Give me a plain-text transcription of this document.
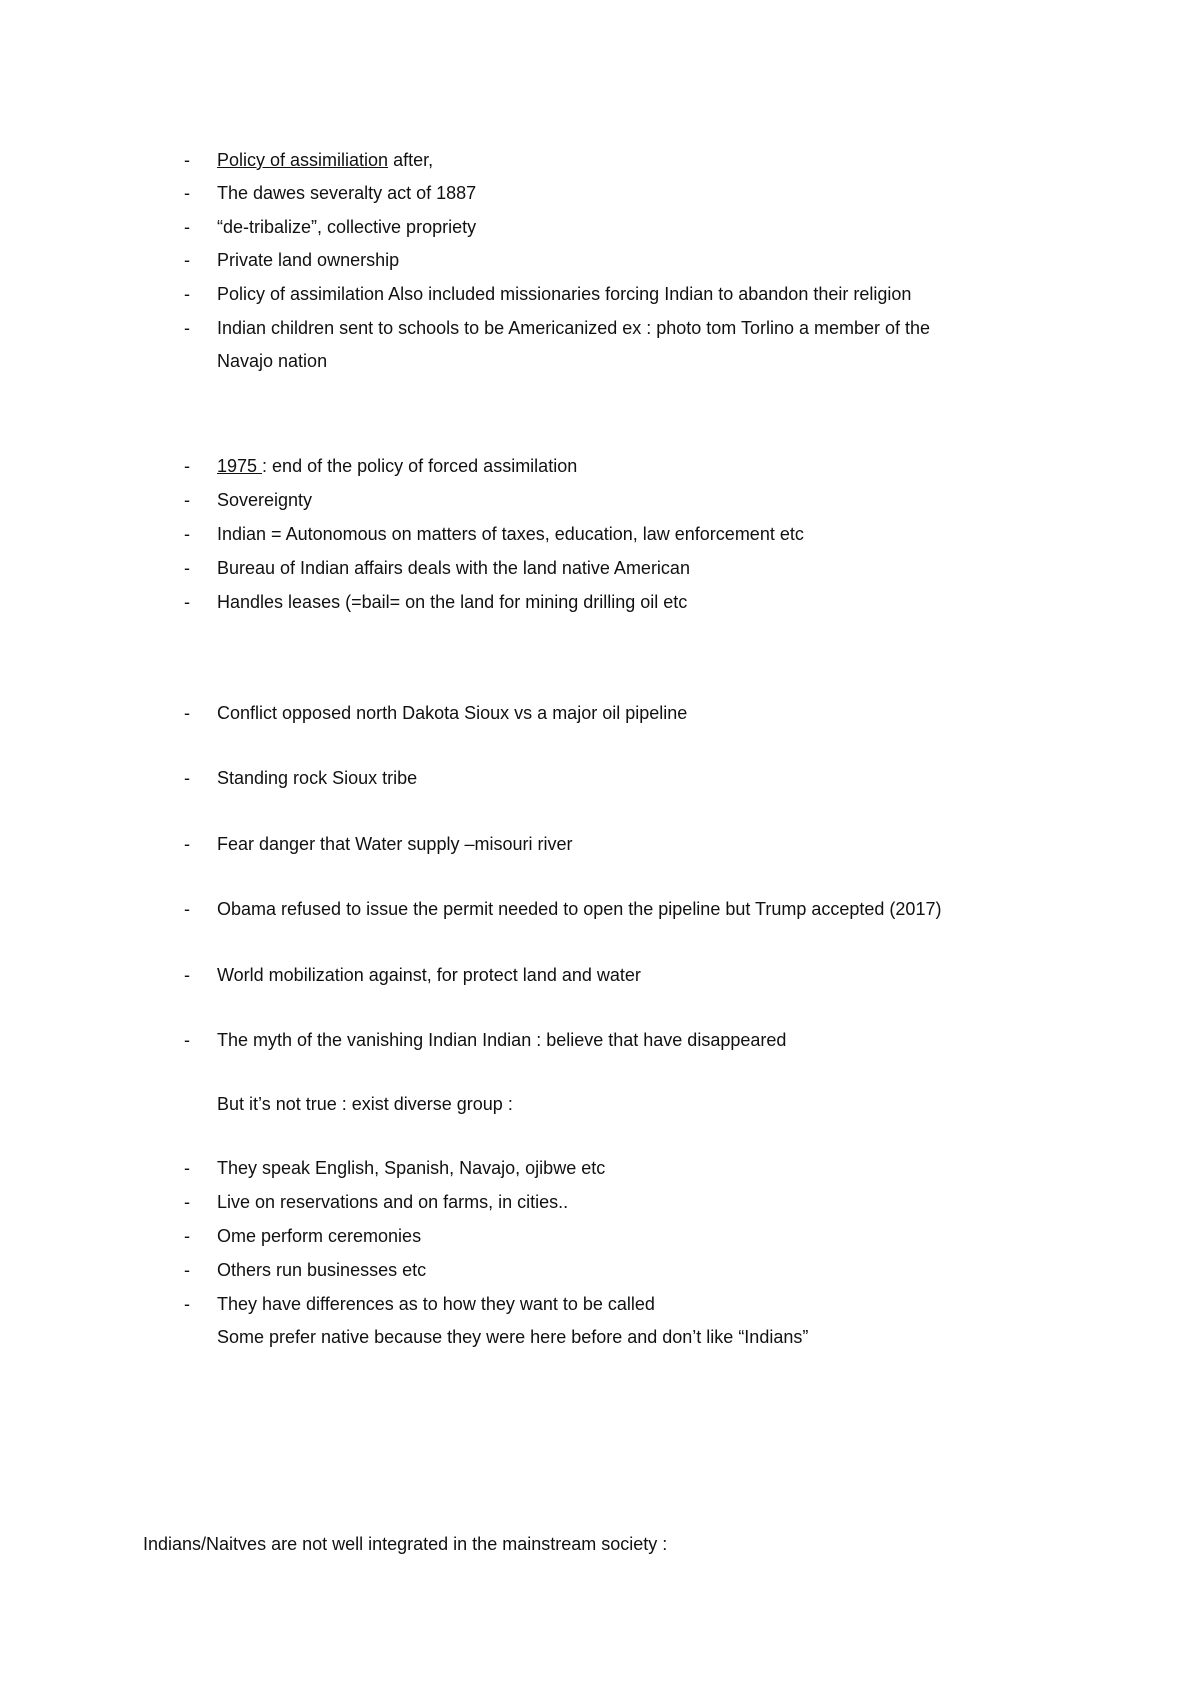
- Policy of assimiliation after,
- The dawes severalty act of 1887
- “de-tribalize”, collective propriety
- Private land ownership
- Policy of assimilation Also included missionaries forcing Indian to abandon their religion
- Indian children sent to schools to be Americanized ex : photo tom Torlino a member of the
Navajo nation
- 1975 : end of the policy of forced assimilation
- Sovereignty
- Indian = Autonomous on matters of taxes, education, law enforcement etc
- Bureau of Indian affairs deals with the land native American
- Handles leases (=bail= on the land for mining drilling oil etc
- Conflict opposed north Dakota Sioux vs a major oil pipeline
- Standing rock Sioux tribe
- Fear danger that Water supply –misouri river
- Obama refused to issue the permit needed to open the pipeline but Trump accepted (2017)
- World mobilization against, for protect land and water
- The myth of the vanishing Indian Indian : believe that have disappeared
But it’s not true : exist diverse group :
- They speak English, Spanish, Navajo, ojibwe etc
- Live on reservations and on farms, in cities..
- Ome perform ceremonies
- Others run businesses etc
- They have differences as to how they want to be called
Some prefer native because they were here before and don’t like “Indians”
Indians/Naitves are not well integrated in the mainstream society :
